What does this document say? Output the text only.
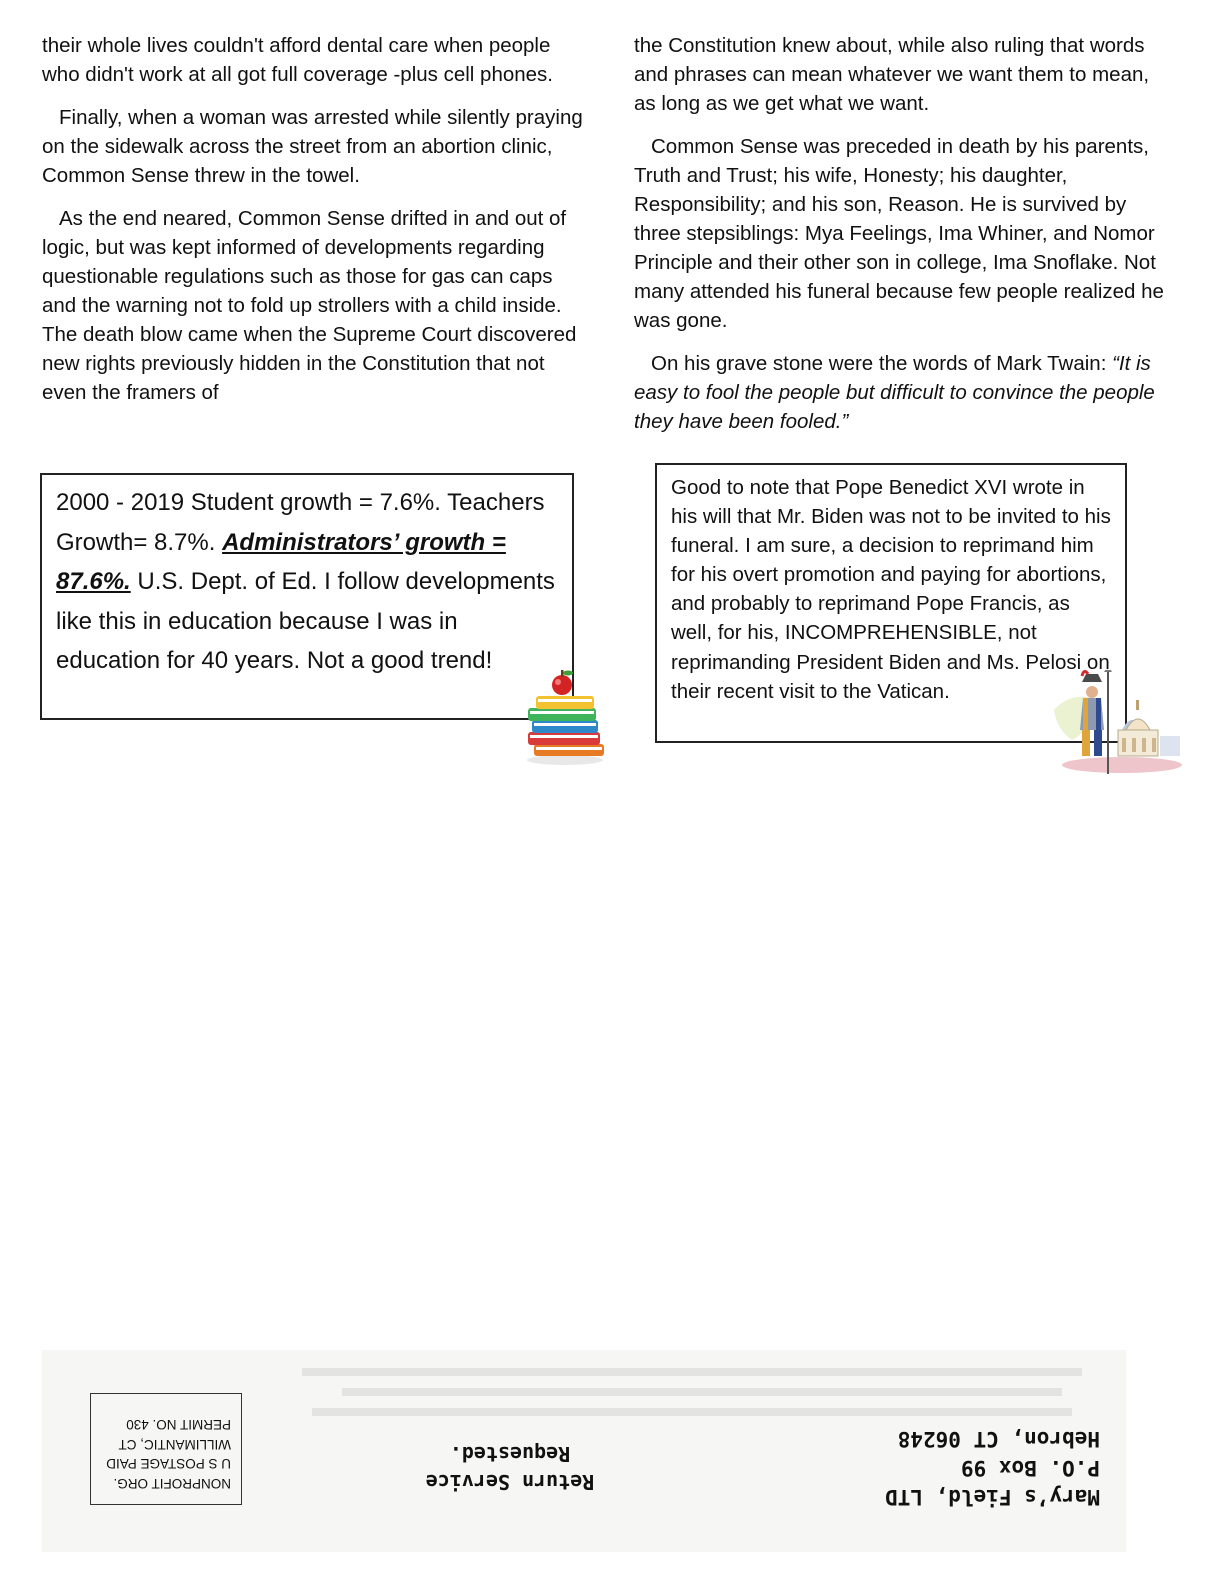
their whole lives couldn't afford dental care when people who didn't work at all got full coverage -plus cell phones.

Finally, when a woman was arrested while silently praying on the sidewalk across the street from an abortion clinic, Common Sense threw in the towel.

As the end neared, Common Sense drifted in and out of logic, but was kept informed of developments regarding questionable regulations such as those for gas can caps and the warning not to fold up strollers with a child inside. The death blow came when the Supreme Court discovered new rights previously hidden in the Constitution that not even the framers of

the Constitution knew about, while also ruling that words and phrases can mean whatever we want them to mean, as long as we get what we want.

Common Sense was preceded in death by his parents, Truth and Trust; his wife, Honesty; his daughter, Responsibility; and his son, Reason. He is survived by three stepsiblings: Mya Feelings, Ima Whiner, and Nomor Principle and their other son in college, Ima Snoflake. Not many attended his funeral because few people realized he was gone.

On his grave stone were the words of Mark Twain: “It is easy to fool the people but difficult to convince the people they have been fooled.”

2000 - 2019 Student growth = 7.6%. Teachers Growth= 8.7%. Administrators’ growth = 87.6%. U.S. Dept. of Ed. I follow developments like this in education because I was in education for 40 years. Not a good trend!
Good to note that Pope Benedict XVI wrote in his will that Mr. Biden was not to be invited to his funeral. I am sure, a decision to reprimand him for his overt promotion and paying for abortions, and probably to reprimand Pope Francis, as well, for his, INCOMPREHENSIBLE, not reprimanding President Biden and Ms. Pelosi on their recent visit to the Vatican.
NONPROFIT ORG.
U S POSTAGE PAID
WILLIMANTIC, CT
PERMIT NO. 430
Return Service
Requested.
Mary’s Field, LTD
P.O. Box 99
Hebron, CT 06248
